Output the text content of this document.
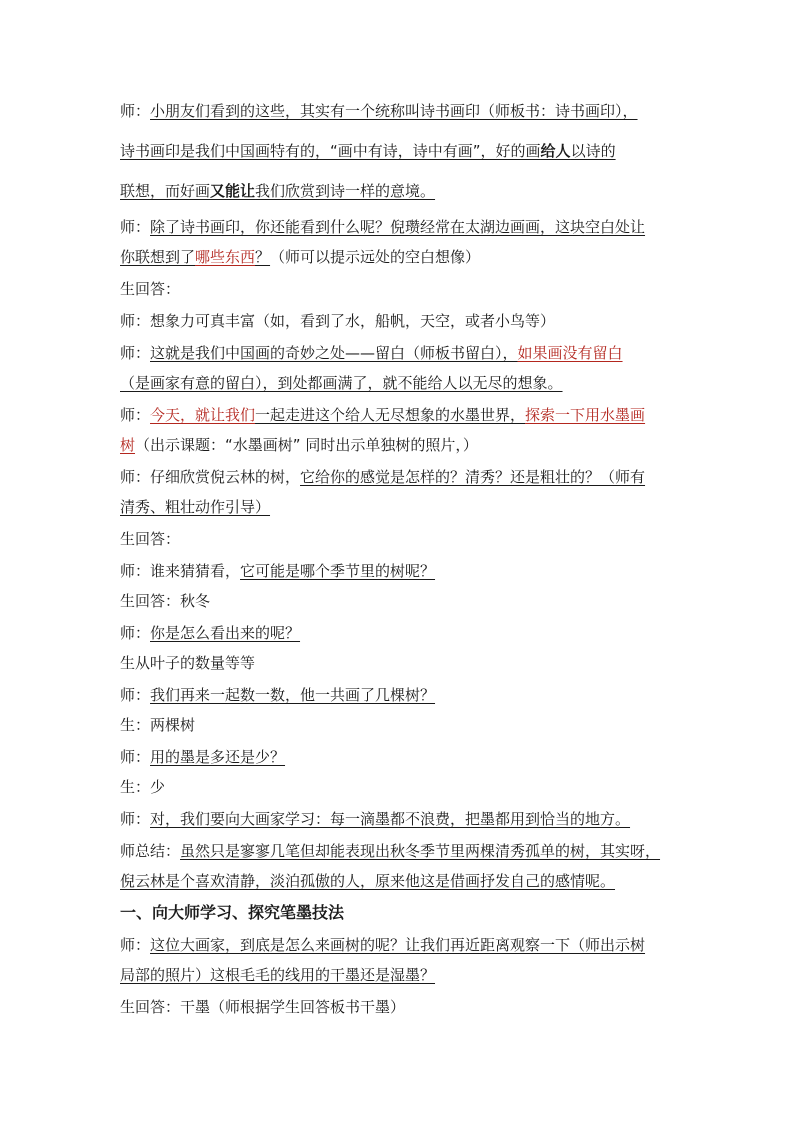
师：小朋友们看到的这些，其实有一个统称叫诗书画印（师板书：诗书画印），
诗书画印是我们中国画特有的，“画中有诗，诗中有画”，好的画给人以诗的
联想，而好画又能让我们欣赏到诗一样的意境。
师：除了诗书画印，你还能看到什么呢？倪瓒经常在太湖边画画，这块空白处让
你联想到了哪些东西？（师可以提示远处的空白想像）
生回答：
师：想象力可真丰富（如，看到了水，船帆，天空，或者小鸟等）
师：这就是我们中国画的奇妙之处——留白（师板书留白），如果画没有留白
（是画家有意的留白），到处都画满了，就不能给人以无尽的想象。
师：今天，就让我们一起走进这个给人无尽想象的水墨世界，探索一下用水墨画
树（出示课题：“水墨画树” 同时出示单独树的照片，）
师：仔细欣赏倪云林的树，它给你的感觉是怎样的？清秀？还是粗壮的？（师有
清秀、粗壮动作引导）
生回答：
师：谁来猜猜看，它可能是哪个季节里的树呢？
生回答：秋冬
师：你是怎么看出来的呢？
生从叶子的数量等等
师：我们再来一起数一数，他一共画了几棵树？
生：两棵树
师：用的墨是多还是少？
生：少
师：对，我们要向大画家学习：每一滴墨都不浪费，把墨都用到恰当的地方。
师总结：虽然只是寥寥几笔但却能表现出秋冬季节里两棵清秀孤单的树，其实呀，
倪云林是个喜欢清静，淡泊孤傲的人，原来他这是借画抒发自己的感情呢。
一、向大师学习、探究笔墨技法
师：这位大画家，到底是怎么来画树的呢？让我们再近距离观察一下（师出示树
局部的照片）这根毛毛的线用的干墨还是湿墨？
生回答：干墨（师根据学生回答板书干墨）
